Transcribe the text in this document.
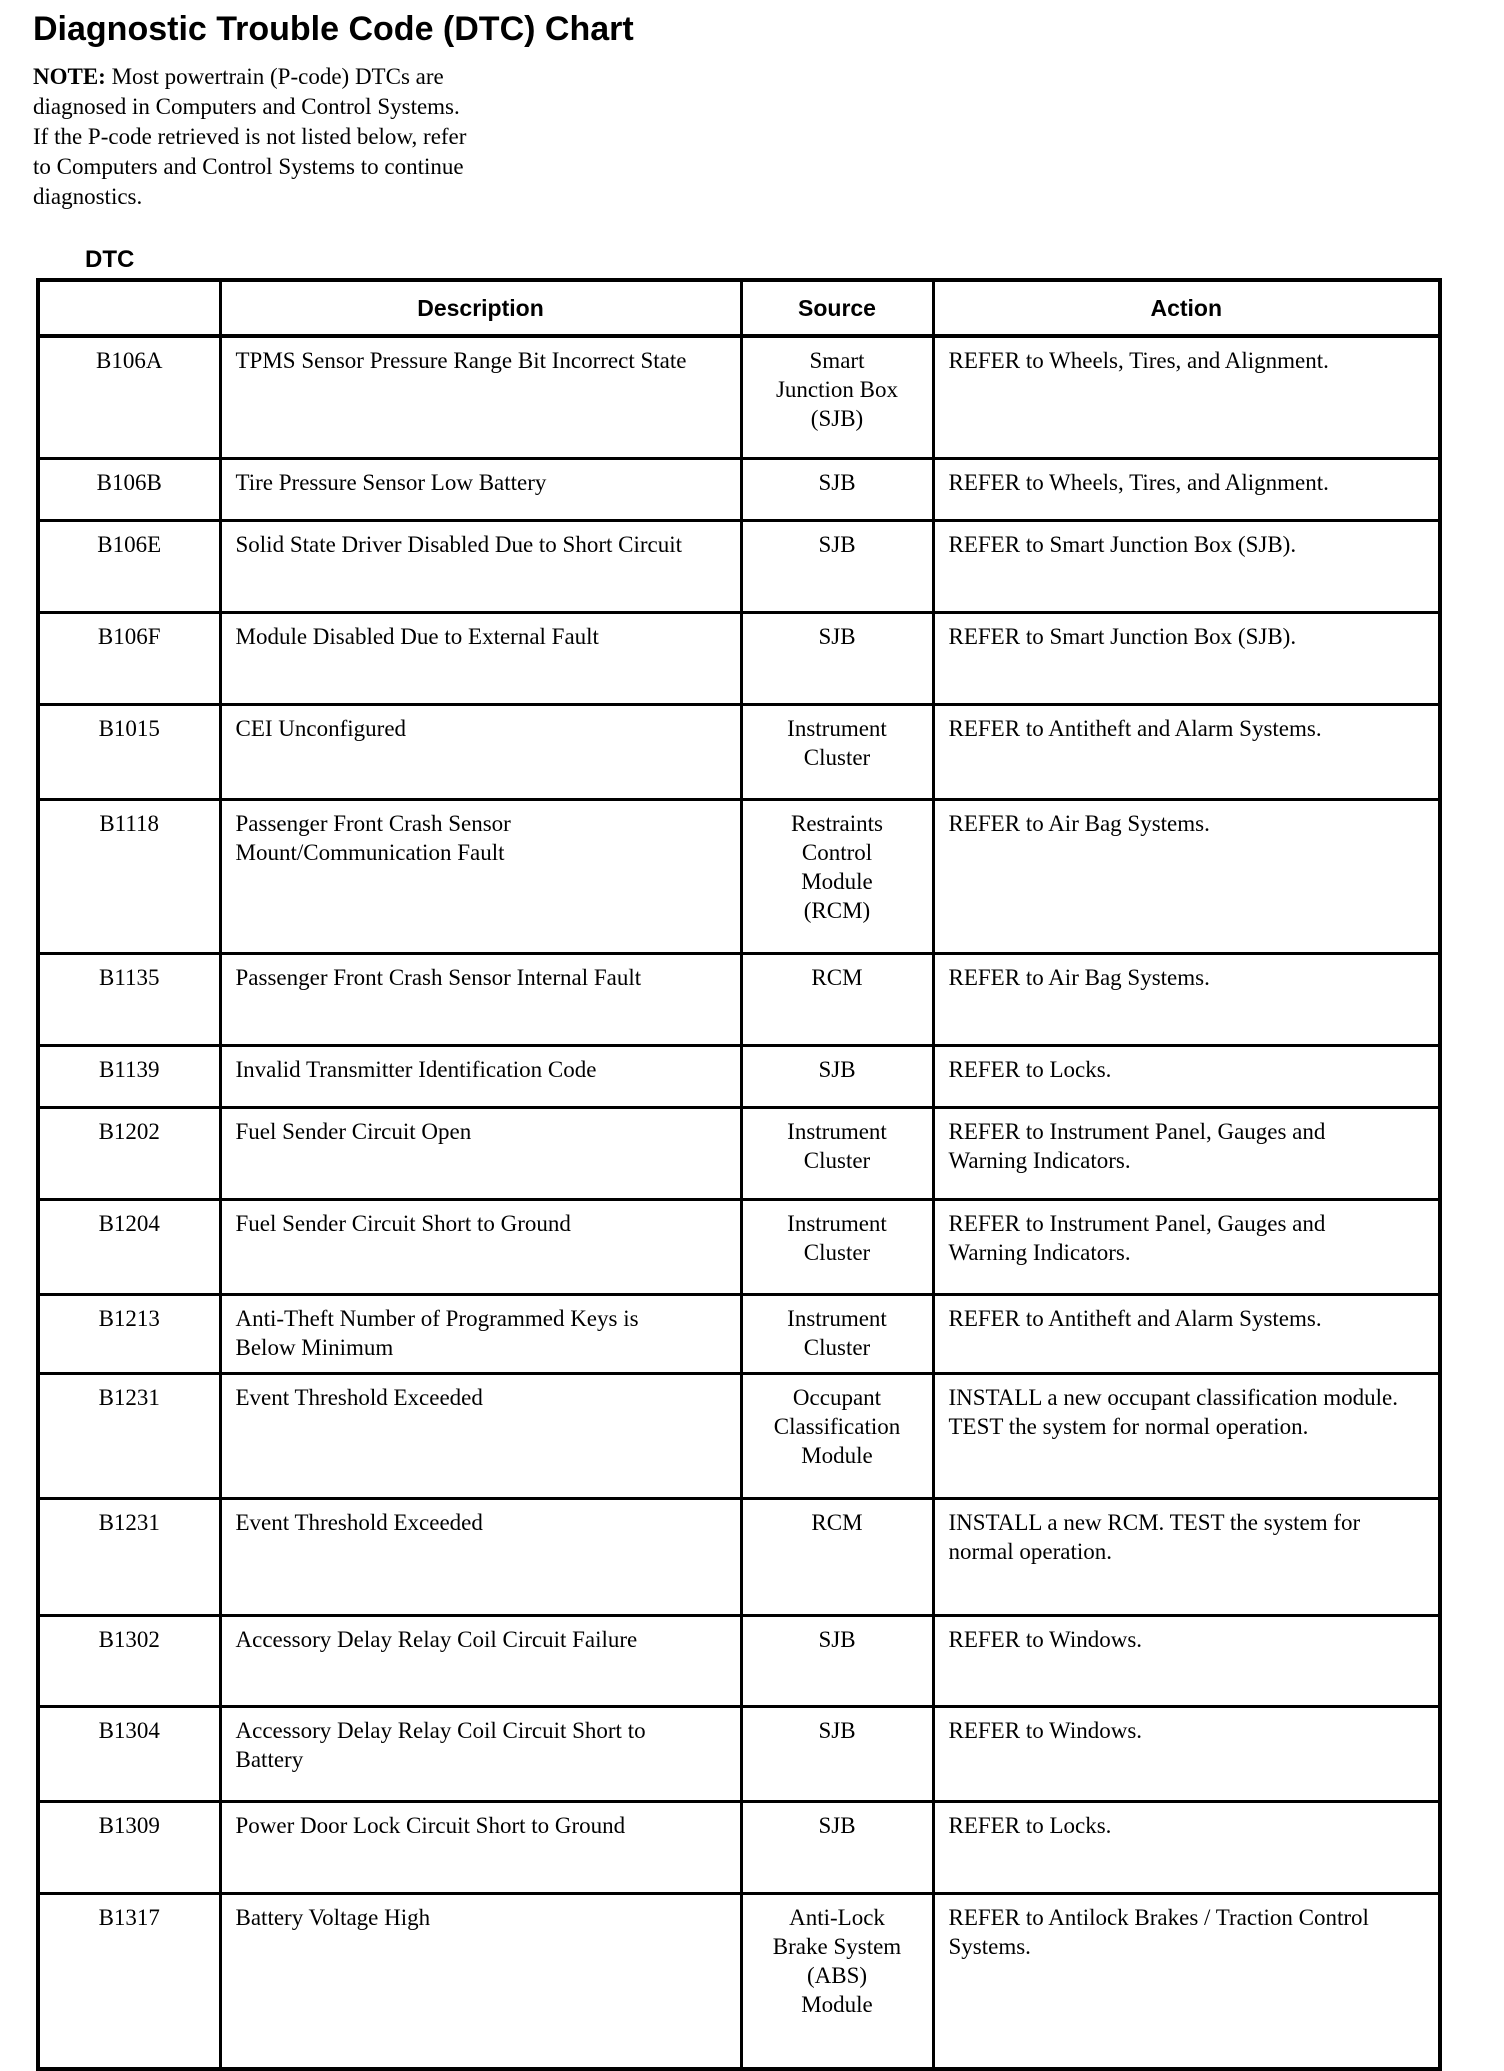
Diagnostic Trouble Code (DTC) Chart
NOTE: Most powertrain (P-code) DTCs are
diagnosed in Computers and Control Systems.
If the P-code retrieved is not listed below, refer
to Computers and Control Systems to continue
diagnostics.
DTC
	Description	Source	Action
B106A	TPMS Sensor Pressure Range Bit Incorrect State	Smart Junction Box (SJB)	REFER to Wheels, Tires, and Alignment.
B106B	Tire Pressure Sensor Low Battery	SJB	REFER to Wheels, Tires, and Alignment.
B106E	Solid State Driver Disabled Due to Short Circuit	SJB	REFER to Smart Junction Box (SJB).
B106F	Module Disabled Due to External Fault	SJB	REFER to Smart Junction Box (SJB).
B1015	CEI Unconfigured	Instrument Cluster	REFER to Antitheft and Alarm Systems.
B1118	Passenger Front Crash Sensor Mount/Communication Fault	Restraints Control Module (RCM)	REFER to Air Bag Systems.
B1135	Passenger Front Crash Sensor Internal Fault	RCM	REFER to Air Bag Systems.
B1139	Invalid Transmitter Identification Code	SJB	REFER to Locks.
B1202	Fuel Sender Circuit Open	Instrument Cluster	REFER to Instrument Panel, Gauges and Warning Indicators.
B1204	Fuel Sender Circuit Short to Ground	Instrument Cluster	REFER to Instrument Panel, Gauges and Warning Indicators.
B1213	Anti-Theft Number of Programmed Keys is Below Minimum	Instrument Cluster	REFER to Antitheft and Alarm Systems.
B1231	Event Threshold Exceeded	Occupant Classification Module	INSTALL a new occupant classification module. TEST the system for normal operation.
B1231	Event Threshold Exceeded	RCM	INSTALL a new RCM. TEST the system for normal operation.
B1302	Accessory Delay Relay Coil Circuit Failure	SJB	REFER to Windows.
B1304	Accessory Delay Relay Coil Circuit Short to Battery	SJB	REFER to Windows.
B1309	Power Door Lock Circuit Short to Ground	SJB	REFER to Locks.
B1317	Battery Voltage High	Anti-Lock Brake System (ABS) Module	REFER to Antilock Brakes / Traction Control Systems.
